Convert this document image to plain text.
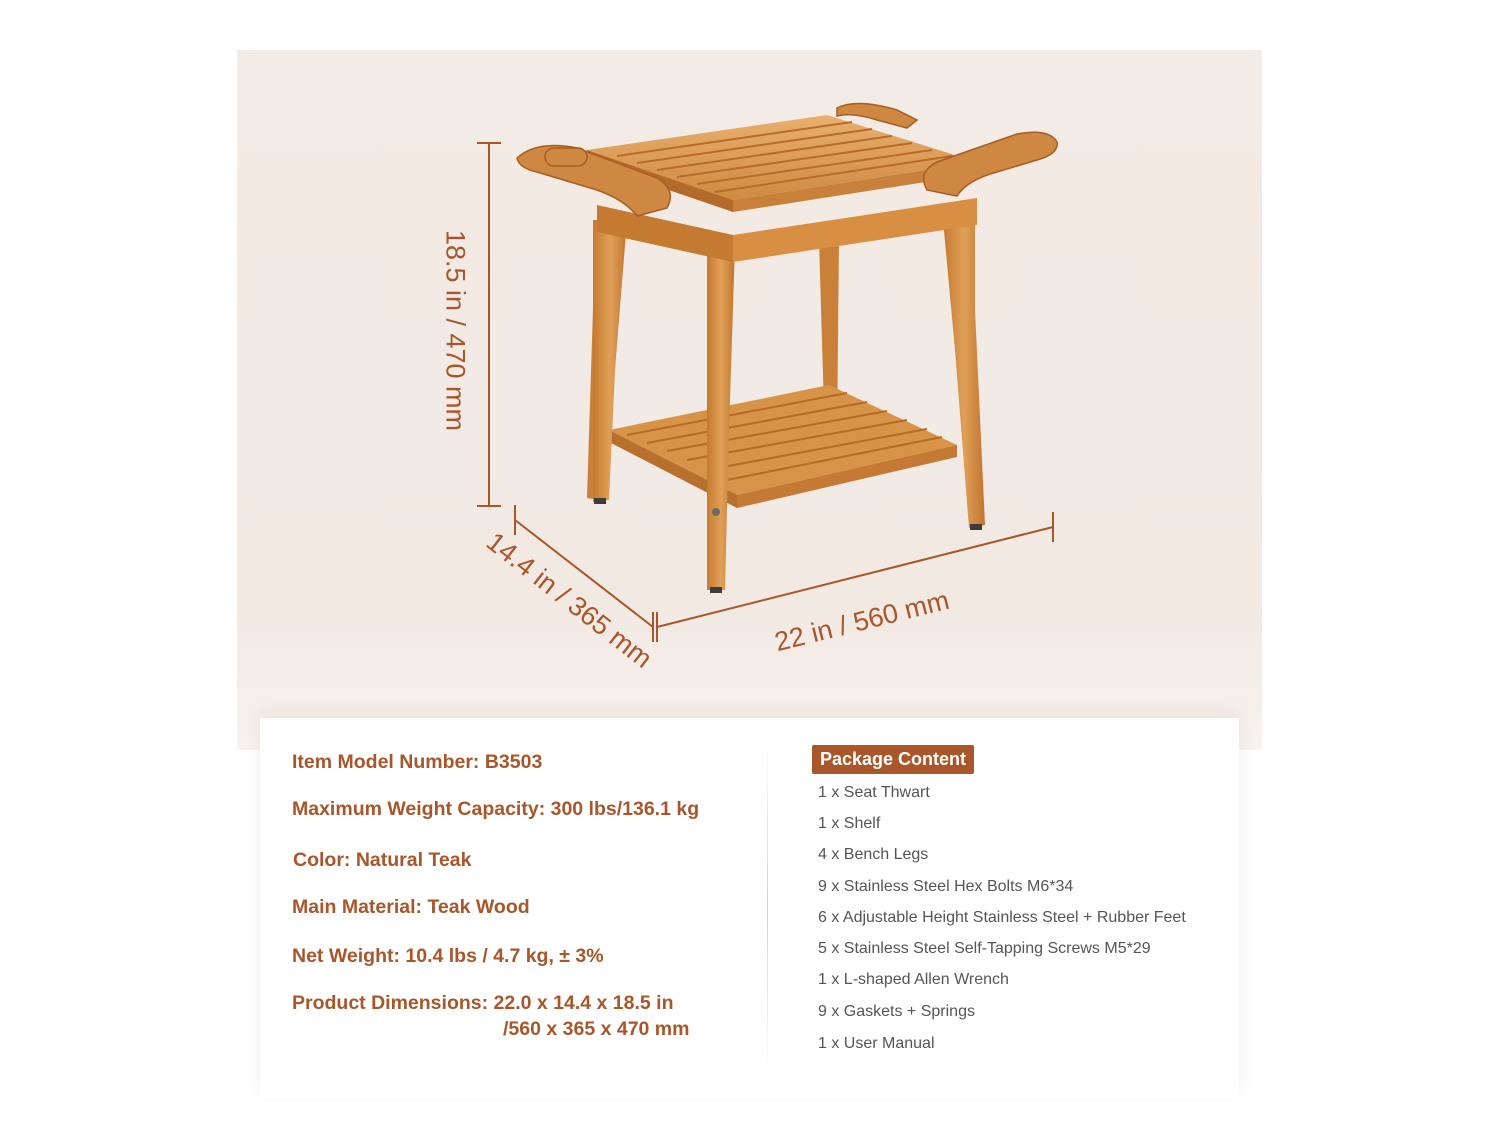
18.5 in / 470 mm
14.4 in / 365 mm	22 in / 560 mm
Item Model Number: B3503
Maximum Weight Capacity: 300 lbs/136.1 kg
Color: Natural Teak
Main Material: Teak Wood
Net Weight: 10.4 lbs / 4.7 kg, ± 3%
Product Dimensions: 22.0 x 14.4 x 18.5 in
/560 x 365 x 470 mm
Package Content
1 x Seat Thwart
1 x Shelf
4 x Bench Legs
9 x Stainless Steel Hex Bolts M6*34
6 x Adjustable Height Stainless Steel + Rubber Feet
5 x Stainless Steel Self-Tapping Screws M5*29
1 x L-shaped Allen Wrench
9 x Gaskets + Springs
1 x User Manual
